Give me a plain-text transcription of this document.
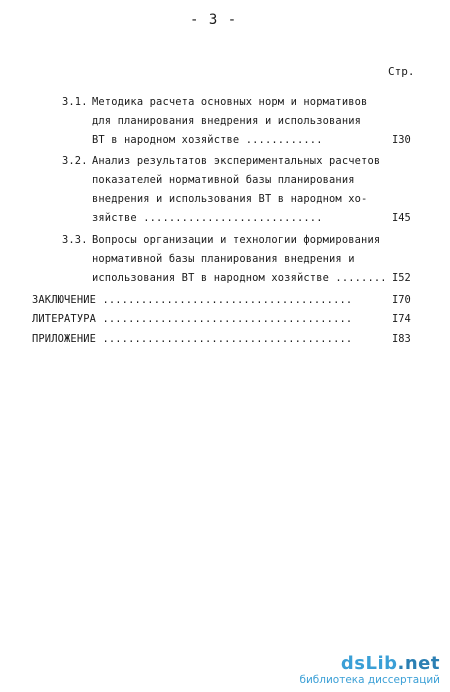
- 3 -
Стр.
3.1. Методика расчета основных норм и нормативов
для планирования внедрения и использования
ВТ в народном хозяйстве ............	I30
3.2. Анализ результатов экспериментальных расчетов
показателей нормативной базы планирования
внедрения и использования ВТ в народном хо-
зяйстве ............................	I45
3.3. Вопросы организации и технологии формирования
нормативной базы планирования внедрения и
использования ВТ в народном хозяйстве ........ I52
ЗАКЛЮЧЕНИЕ .......................................	I70
ЛИТЕРАТУРА .......................................	I74
ПРИЛОЖЕНИЕ .......................................	I83
dsLib.net
библиотека диссертаций
